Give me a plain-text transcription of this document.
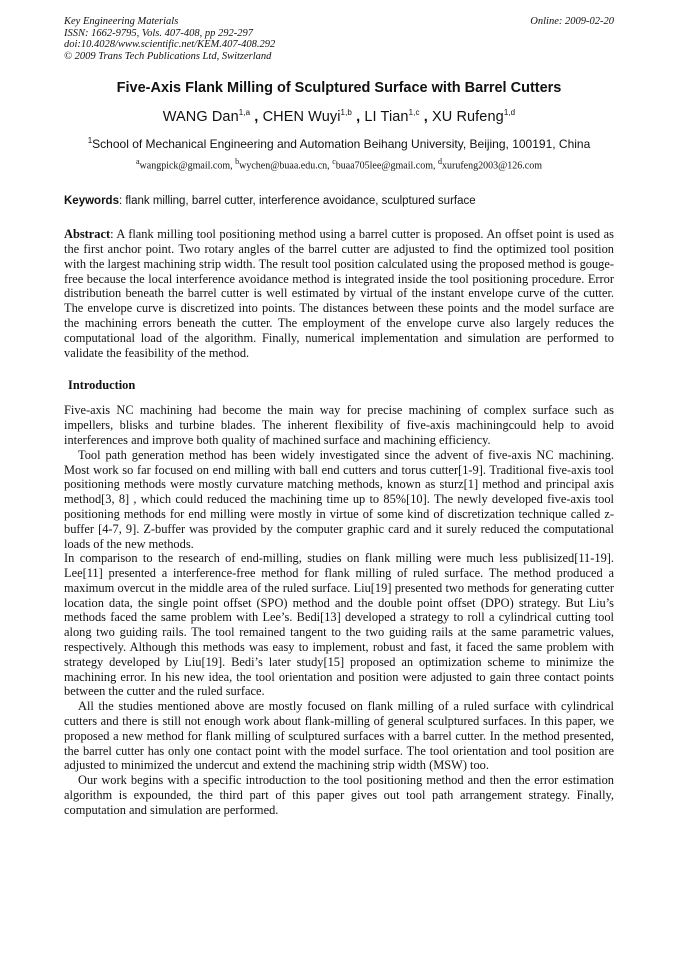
Key Engineering Materials
ISSN: 1662-9795, Vols. 407-408, pp 292-297
doi:10.4028/www.scientific.net/KEM.407-408.292
© 2009 Trans Tech Publications Ltd, Switzerland
Online: 2009-02-20
Five-Axis Flank Milling of Sculptured Surface with Barrel Cutters
WANG Dan$^{1,a}$ , CHEN Wuyi$^{1,b}$ , LI Tian$^{1,c}$ , XU Rufeng$^{1,d}$
$^1$School of Mechanical Engineering and Automation Beihang University, Beijing, 100191, China
$^a$wangpick@gmail.com, $^b$wychen@buaa.edu.cn, $^c$buaa705lee@gmail.com, $^d$xurufeng2003@126.com
Keywords: flank milling, barrel cutter, interference avoidance, sculptured surface
Abstract: A flank milling tool positioning method using a barrel cutter is proposed. An offset point is used as the first anchor point. Two rotary angles of the barrel cutter are adjusted to find the optimized tool position with the largest machining strip width. The result tool position calculated using the proposed method is gouge-free because the local interference avoidance method is integrated inside the tool positioning procedure. Error distribution beneath the barrel cutter is well estimated by virtual of the instant envelope curve of the cutter. The envelope curve is discretized into points. The distances between these points and the model surface are the machining errors beneath the cutter. The employment of the envelope curve also largely reduces the computational load of the algorithm. Finally, numerical implementation and simulation are performed to validate the feasibility of the method.
Introduction

Five-axis NC machining had become the main way for precise machining of complex surface such as impellers, blisks and turbine blades. The inherent flexibility of five-axis machiningcould help to avoid interferences and improve both quality of machined surface and machining efficiency.

Tool path generation method has been widely investigated since the advent of five-axis NC machining. Most work so far focused on end milling with ball end cutters and torus cutter[1-9]. Traditional five-axis tool positioning methods were mostly curvature matching methods, known as sturz[1] method and principal axis method[3, 8] , which could reduced the machining time up to 85%[10]. The newly developed five-axis tool positioning methods for end milling were mostly in virtue of some kind of discretization technique called z-buffer [4-7, 9]. Z-buffer was provided by the computer graphic card and it surely reduced the computational loads of the new methods.

In comparison to the research of end-milling, studies on flank milling were much less publisized[11-19]. Lee[11] presented a interference-free method for flank milling of ruled surface. The method produced a maximum overcut in the middle area of the ruled surface. Liu[19] presented two methods for generating cutter location data, the single point offset (SPO) method and the double point offset (DPO) strategy. But Liu’s methods faced the same problem with Lee’s. Bedi[13] developed a strategy to roll a cylindrical cutting tool along two guiding rails. The tool remained tangent to the two guiding rails at the same parametric values, respectively. Although this methods was easy to implement, robust and fast, it faced the same problem with strategy developed by Liu[19]. Bedi’s later study[15] proposed an optimization scheme to minimize the machining error. In his new idea, the tool orientation and position were adjusted to gain three contact points between the cutter and the ruled surface.

All the studies mentioned above are mostly focused on flank milling of a ruled surface with cylindrical cutters and there is still not enough work about flank-milling of general sculptured surfaces. In this paper, we proposed a new method for flank milling of sculptured surfaces with a barrel cutter. In the method presented, the barrel cutter has only one contact point with the model surface. The tool orientation and tool position are adjusted to minimized the undercut and extend the machining strip width (MSW) too.

Our work begins with a specific introduction to the tool positioning method and then the error estimation algorithm is expounded, the third part of this paper gives out tool path arrangement strategy. Finally, computation and simulation are performed.
